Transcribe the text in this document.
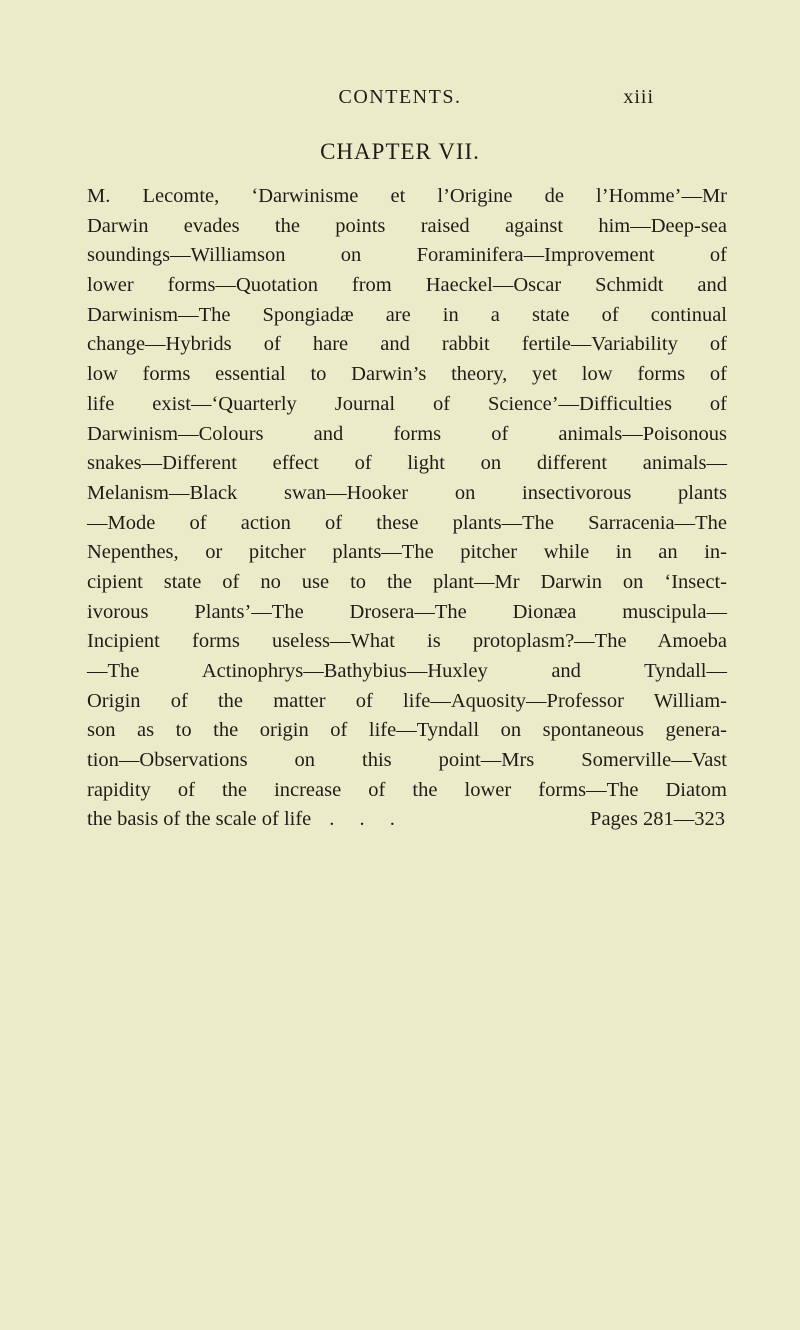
CONTENTS.	xiii
CHAPTER VII.
M. Lecomte, ‘Darwinisme et l’Origine de l’Homme’—Mr
Darwin evades the points raised against him—Deep-sea
soundings—Williamson on Foraminifera—Improvement of
lower forms—Quotation from Haeckel—Oscar Schmidt and
Darwinism—The Spongiadæ are in a state of continual
change—Hybrids of hare and rabbit fertile—Variability of
low forms essential to Darwin’s theory, yet low forms of
life exist—‘Quarterly Journal of Science’—Difficulties of
Darwinism—Colours and forms of animals—Poisonous
snakes—Different effect of light on different animals—
Melanism—Black swan—Hooker on insectivorous plants
—Mode of action of these plants—The Sarracenia—The
Nepenthes, or pitcher plants—The pitcher while in an in-
cipient state of no use to the plant—Mr Darwin on ‘Insect-
ivorous Plants’—The Drosera—The Dionæa muscipula—
Incipient forms useless—What is protoplasm?—The Amoeba
—The Actinophrys—Bathybius—Huxley and Tyndall—
Origin of the matter of life—Aquosity—Professor William-
son as to the origin of life—Tyndall on spontaneous genera-
tion—Observations on this point—Mrs Somerville—Vast
rapidity of the increase of the lower forms—The Diatom
the basis of the scale of life . . .	Pages 281—323
